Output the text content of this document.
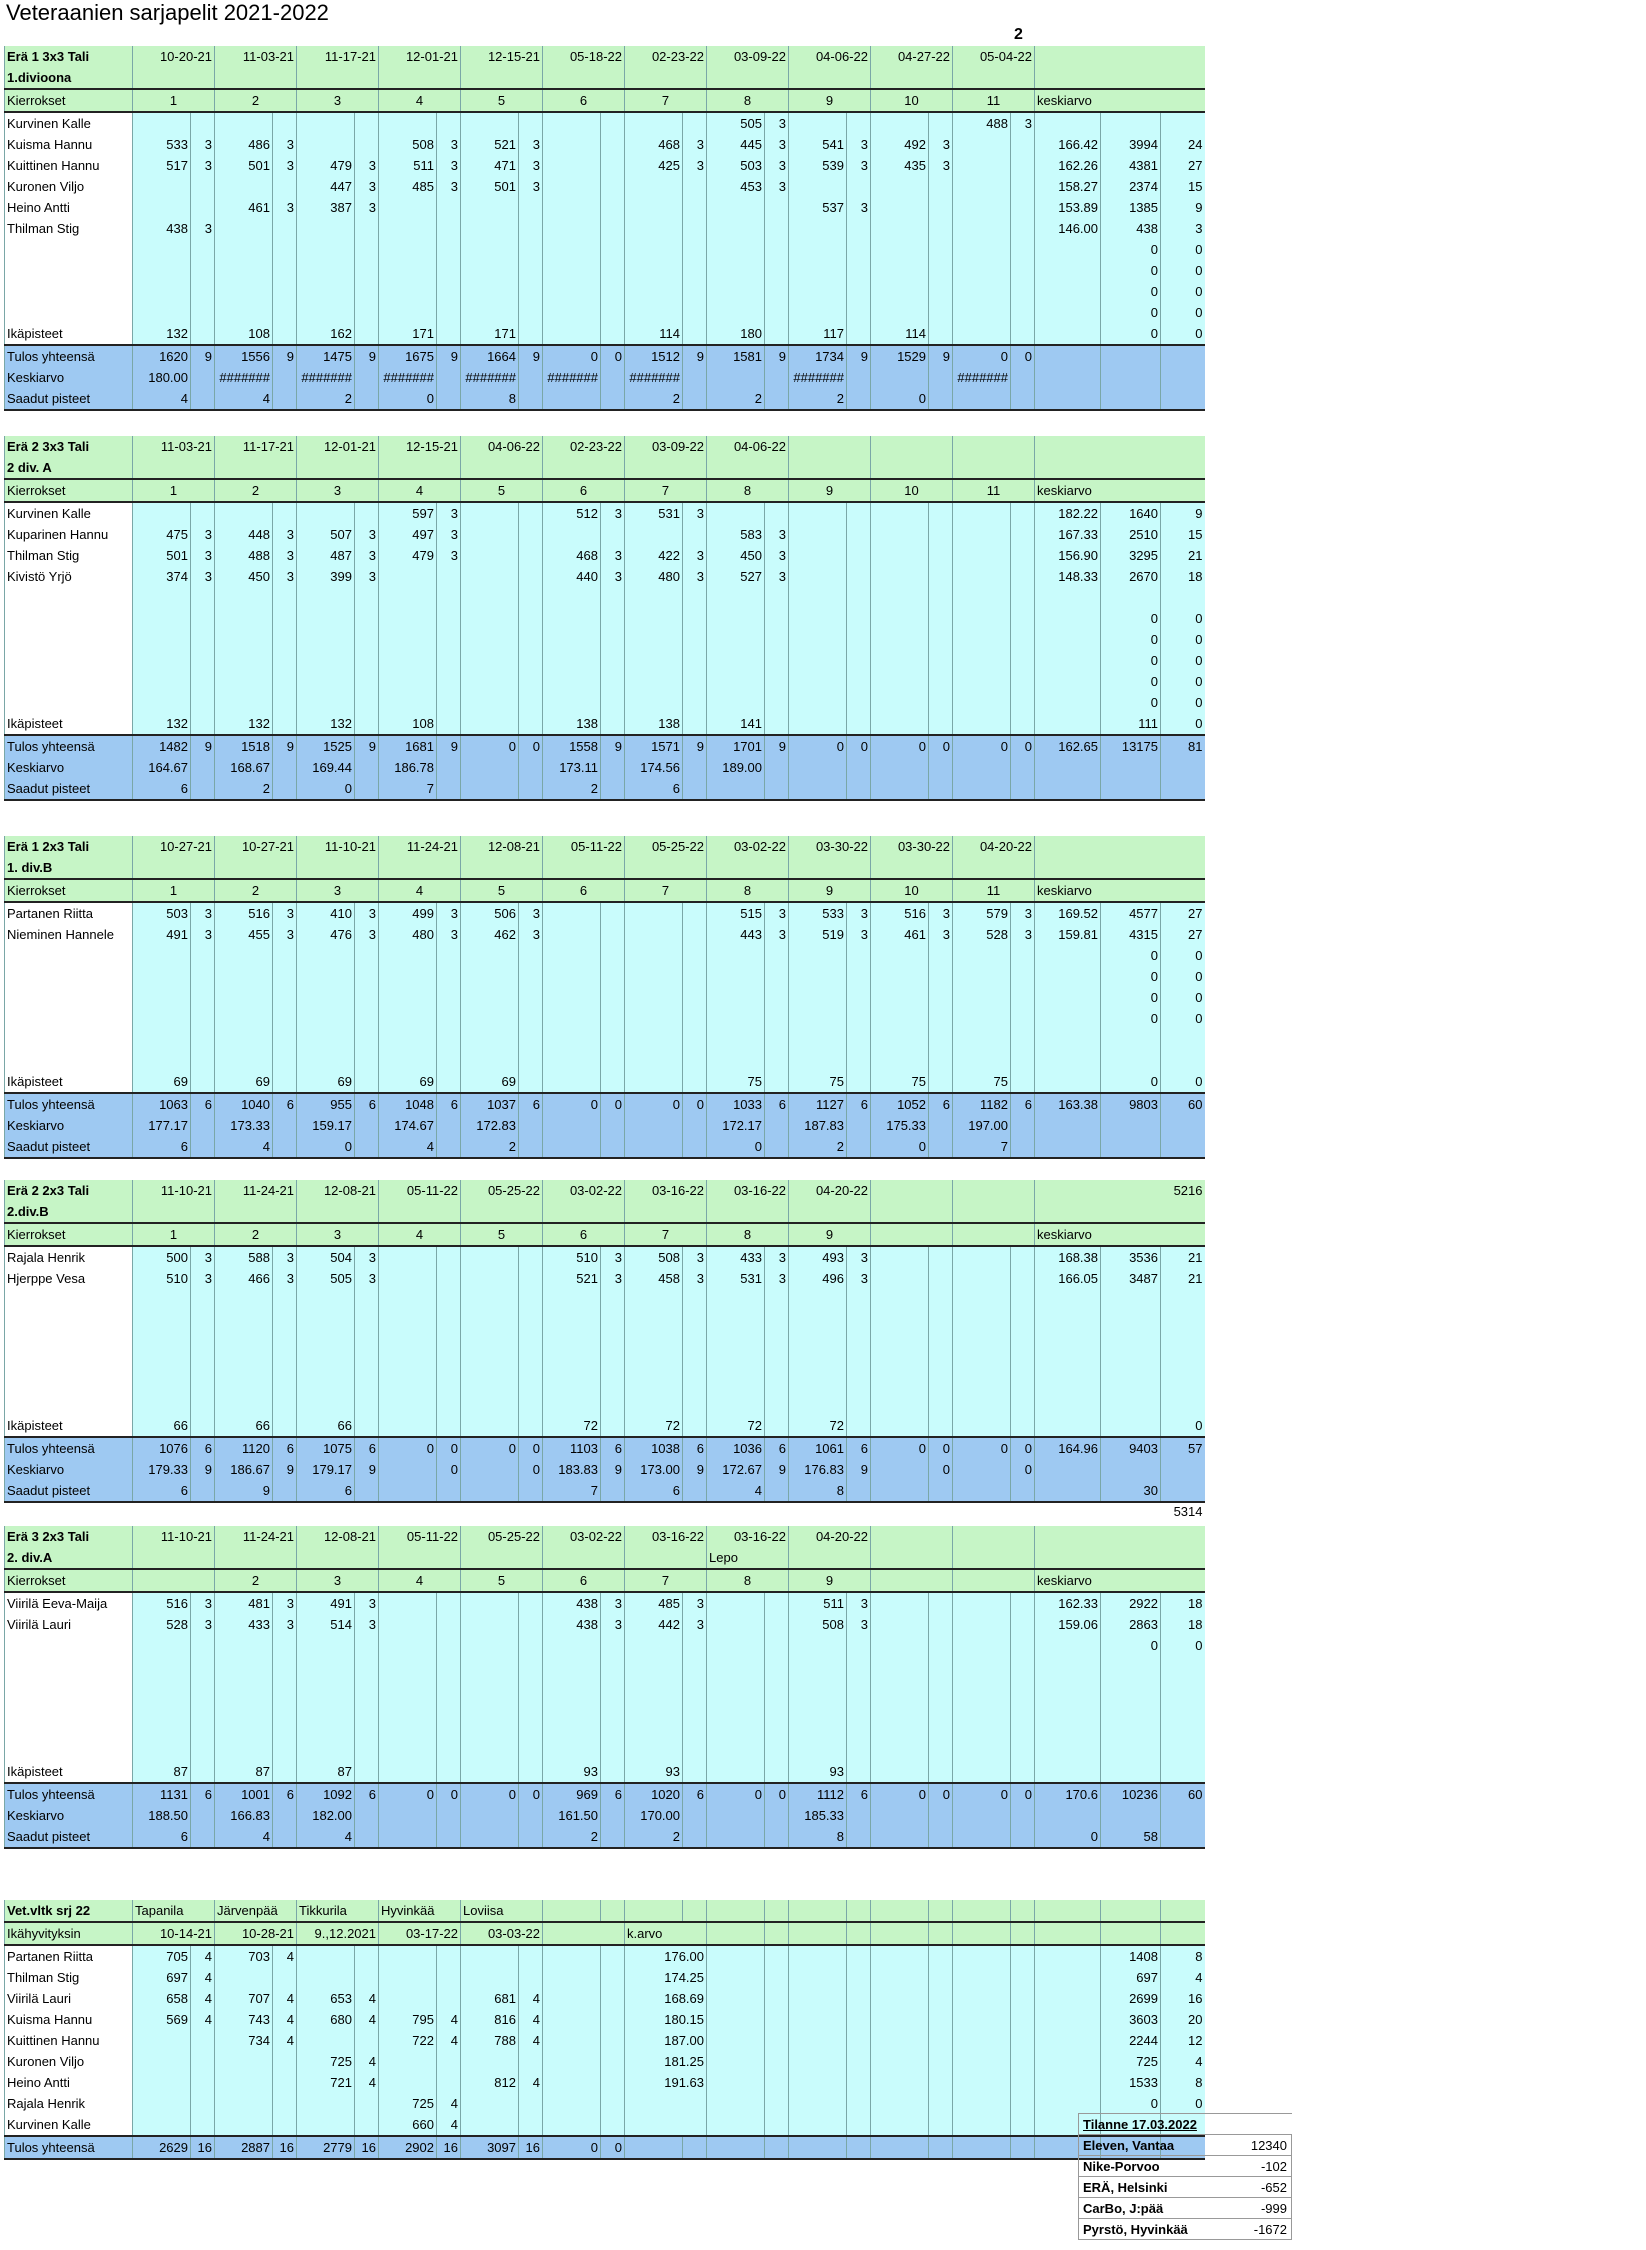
Veteraanien sarjapelit 2021-2022
2
Erä 1 3x3 Tali	10-20-21		11-03-21		11-17-21		12-01-21		12-15-21		05-18-22		02-23-22		03-09-22		04-06-22		04-27-22		05-04-22				
1.divioona																									
Kierrokset	1		2		3		4		5		6		7		8		9		10		11		keskiarvo		
Kurvinen Kalle															505	3					488	3			
Kuisma Hannu	533	3	486	3			508	3	521	3			468	3	445	3	541	3	492	3			166.42	3994	24
Kuittinen Hannu	517	3	501	3	479	3	511	3	471	3			425	3	503	3	539	3	435	3			162.26	4381	27
Kuronen Viljo					447	3	485	3	501	3					453	3							158.27	2374	15
Heino Antti			461	3	387	3											537	3					153.89	1385	9
Thilman Stig	438	3																					146.00	438	3
																								0	0
																								0	0
																								0	0
																								0	0
Ikäpisteet	132		108		162		171		171				114		180		117		114					0	0
Tulos yhteensä	1620	9	1556	9	1475	9	1675	9	1664	9	0	0	1512	9	1581	9	1734	9	1529	9	0	0			
Keskiarvo	180.00		#######		#######		#######		#######		#######		#######				#######				#######				
Saadut pisteet	4		4		2		0		8				2		2		2		0						
Erä 2 3x3 Tali	11-03-21		11-17-21		12-01-21		12-15-21		04-06-22		02-23-22		03-09-22		04-06-22										
2 div. A																									
Kierrokset	1		2		3		4		5		6		7		8		9		10		11		keskiarvo		
Kurvinen Kalle							597	3			512	3	531	3									182.22	1640	9
Kuparinen Hannu	475	3	448	3	507	3	497	3							583	3							167.33	2510	15
Thilman Stig	501	3	488	3	487	3	479	3			468	3	422	3	450	3							156.90	3295	21
Kivistö Yrjö	374	3	450	3	399	3					440	3	480	3	527	3							148.33	2670	18

																								0	0
																								0	0
																								0	0
																								0	0
																								0	0
Ikäpisteet	132		132		132		108				138		138		141									111	0
Tulos yhteensä	1482	9	1518	9	1525	9	1681	9	0	0	1558	9	1571	9	1701	9	0	0	0	0	0	0	162.65	13175	81
Keskiarvo	164.67		168.67		169.44		186.78				173.11		174.56		189.00										
Saadut pisteet	6		2		0		7				2		6												
Erä 1 2x3 Tali	10-27-21		10-27-21		11-10-21		11-24-21		12-08-21		05-11-22		05-25-22		03-02-22		03-30-22		03-30-22		04-20-22				
1. div.B																									
Kierrokset	1		2		3		4		5		6		7		8		9		10		11		keskiarvo		
Partanen Riitta	503	3	516	3	410	3	499	3	506	3					515	3	533	3	516	3	579	3	169.52	4577	27
Nieminen Hannele	491	3	455	3	476	3	480	3	462	3					443	3	519	3	461	3	528	3	159.81	4315	27
																								0	0
																								0	0
																								0	0
																								0	0

Ikäpisteet	69		69		69		69		69						75		75		75		75			0	0
Tulos yhteensä	1063	6	1040	6	955	6	1048	6	1037	6	0	0	0	0	1033	6	1127	6	1052	6	1182	6	163.38	9803	60
Keskiarvo	177.17		173.33		159.17		174.67		172.83						172.17		187.83		175.33		197.00				
Saadut pisteet	6		4		0		4		2						0		2		0		7				
Erä 2 2x3 Tali	11-10-21		11-24-21		12-08-21		05-11-22		05-25-22		03-02-22		03-16-22		03-16-22		04-20-22						5216		
2.div.B																									
Kierrokset	1		2		3		4		5		6		7		8		9						keskiarvo		
Rajala Henrik	500	3	588	3	504	3					510	3	508	3	433	3	493	3					168.38	3536	21
Hjerppe Vesa	510	3	466	3	505	3					521	3	458	3	531	3	496	3					166.05	3487	21

Ikäpisteet	66		66		66						72		72		72		72								0
Tulos yhteensä	1076	6	1120	6	1075	6	0	0	0	0	1103	6	1038	6	1036	6	1061	6	0	0	0	0	164.96	9403	57
Keskiarvo	179.33	9	186.67	9	179.17	9		0		0	183.83	9	173.00	9	172.67	9	176.83	9		0		0			
Saadut pisteet	6		9		6						7		6		4		8							30	
																								5314	
Erä 3 2x3 Tali	11-10-21		11-24-21		12-08-21		05-11-22		05-25-22		03-02-22		03-16-22		03-16-22		04-20-22								
2. div.A															Lepo										
Kierrokset			2		3		4		5		6		7		8		9						keskiarvo		
Viirilä Eeva-Maija	516	3	481	3	491	3					438	3	485	3			511	3					162.33	2922	18
Viirilä Lauri	528	3	433	3	514	3					438	3	442	3			508	3					159.06	2863	18
																								0	0

Ikäpisteet	87		87		87						93		93				93								
Tulos yhteensä	1131	6	1001	6	1092	6	0	0	0	0	969	6	1020	6	0	0	1112	6	0	0	0	0	170.6	10236	60
Keskiarvo	188.50		166.83		182.00						161.50		170.00				185.33								
Saadut pisteet	6		4		4						2		2				8						0	58	
Vet.vltk srj 22	Tapanila		Järvenpää		Tikkurila		Hyvinkää		Loviisa																
Ikähyvityksin	10-14-21		10-28-21		9.,12.2021		03-17-22		03-03-22				k.arvo												
Partanen Riitta	705	4	703	4									176.00											1408	8
Thilman Stig	697	4											174.25											697	4
Viirilä Lauri	658	4	707	4	653	4			681	4			168.69											2699	16
Kuisma Hannu	569	4	743	4	680	4	795	4	816	4			180.15											3603	20
Kuittinen Hannu			734	4			722	4	788	4			187.00											2244	12
Kuronen Viljo					725	4							181.25											725	4
Heino Antti					721	4			812	4			191.63											1533	8
Rajala Henrik							725	4																0	0
Kurvinen Kalle							660	4																	
Tulos yhteensä	2629	16	2887	16	2779	16	2902	16	3097	16	0	0													
Tilanne 17.03.2022	
Eleven, Vantaa	12340
Nike-Porvoo	-102
ERÄ, Helsinki	-652
CarBo, J:pää	-999
Pyrstö, Hyvinkää	-1672
